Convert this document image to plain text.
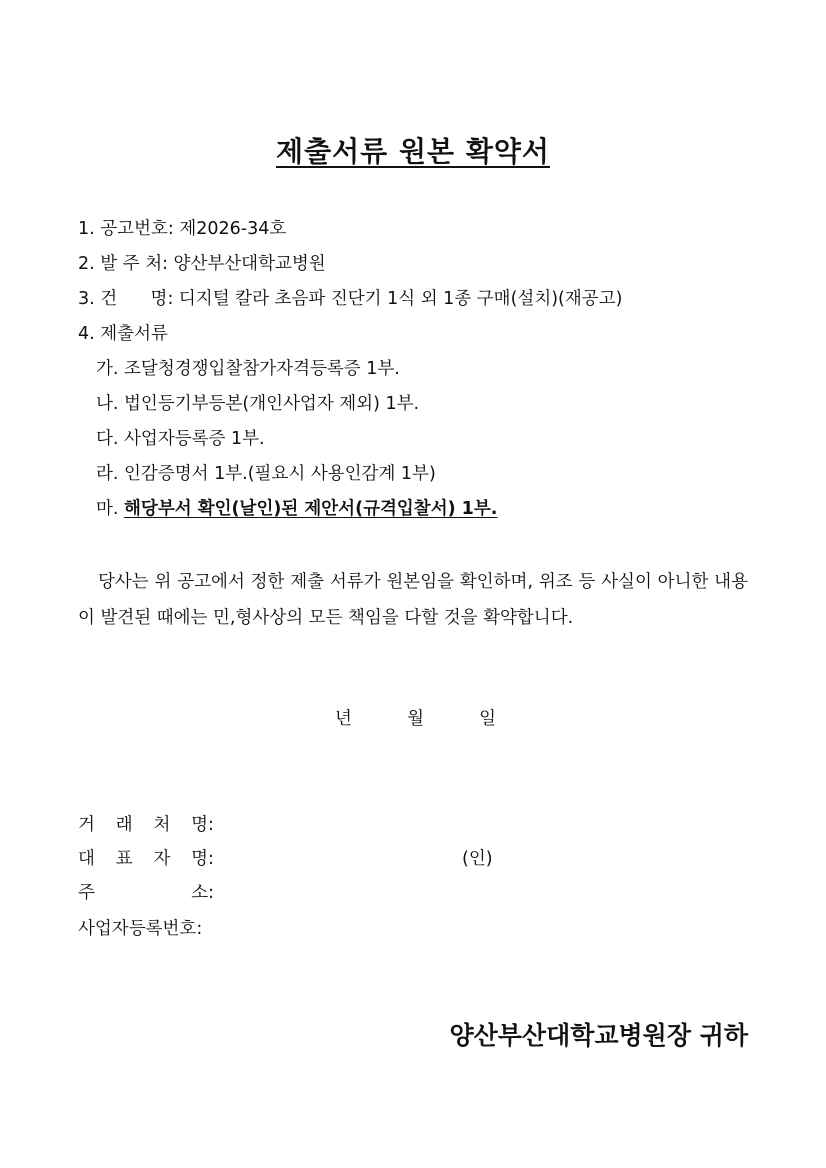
제출서류 원본 확약서
1. 공고번호: 제2026-34호
2. 발 주 처: 양산부산대학교병원
3. 건      명: 디지털 칼라 초음파 진단기 1식 외 1종 구매(설치)(재공고)
4. 제출서류
가. 조달청경쟁입찰참가자격등록증 1부.
나. 법인등기부등본(개인사업자 제외) 1부.
다. 사업자등록증 1부.
라. 인감증명서 1부.(필요시 사용인감계 1부)
마. 해당부서 확인(날인)된 제안서(규격입찰서) 1부.
당사는 위 공고에서 정한 제출 서류가 원본임을 확인하며, 위조 등 사실이 아니한 내용이 발견된 때에는 민,형사상의 모든 책임을 다할 것을 확약합니다.
년	월	일
거 래 처 명:
대 표 자 명:	(인)
주	소:
사업자등록번호:
양산부산대학교병원장 귀하
